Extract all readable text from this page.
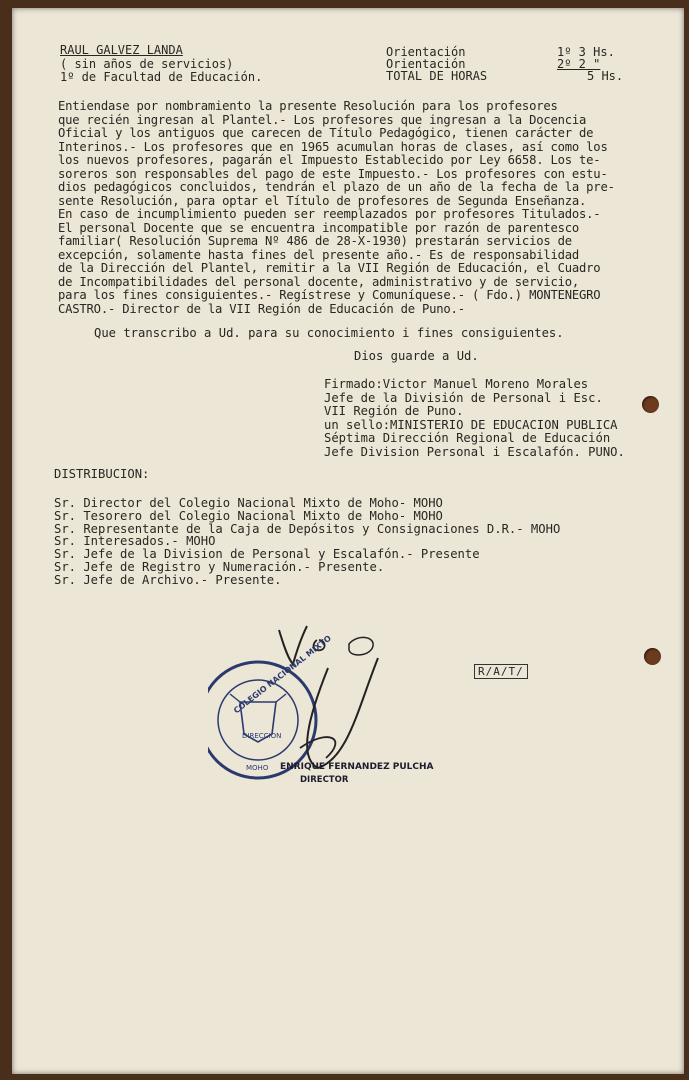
RAUL GALVEZ LANDA
( sin años de servicios)
1º de Facultad de Educación.
Orientación
Orientación
TOTAL DE HORAS
1º 3 Hs.
2º 2 "
5 Hs.
Entiendase por nombramiento la presente Resolución para los profesores
que recién ingresan al Plantel.- Los profesores que ingresan a la Docencia
Oficial y los antiguos que carecen de Título Pedagógico, tienen carácter de
Interinos.- Los profesores que en 1965 acumulan horas de clases, así como los
los nuevos profesores, pagarán el Impuesto Establecido por Ley 6658. Los te-
soreros son responsables del pago de este Impuesto.- Los profesores con estu-
dios pedagógicos concluidos, tendrán el plazo de un año de la fecha de la pre-
sente Resolución, para optar el Título de profesores de Segunda Enseñanza.
En caso de incumplimiento pueden ser reemplazados por profesores Titulados.-
El personal Docente que se encuentra incompatible por razón de parentesco
familiar( Resolución Suprema Nº 486 de 28-X-1930) prestarán servicios de
excepción, solamente hasta fines del presente año.- Es de responsabilidad
de la Dirección del Plantel, remitir a la VII Región de Educación, el Cuadro
de Incompatibilidades del personal docente, administrativo y de servicio,
para los fines consiguientes.- Regístrese y Comuníquese.- ( Fdo.) MONTENEGRO
CASTRO.- Director de la VII Región de Educación de Puno.-
Que transcribo a Ud. para su conocimiento i fines consiguientes.
Dios guarde a Ud.
Firmado:Victor Manuel Moreno Morales
Jefe de la División de Personal i Esc.
VII Región de Puno.
un sello:MINISTERIO DE EDUCACION PUBLICA
Séptima Dirección Regional de Educación
Jefe Division Personal i Escalafón. PUNO.
DISTRIBUCION:
Sr. Director del Colegio Nacional Mixto de Moho- MOHO
Sr. Tesorero del Colegio Nacional Mixto de Moho- MOHO
Sr. Representante de la Caja de Depósitos y Consignaciones D.R.- MOHO
Sr. Interesados.- MOHO
Sr. Jefe de la Division de Personal y Escalafón.- Presente
Sr. Jefe de Registro y Numeración.- Presente.
Sr. Jefe de Archivo.- Presente.
COLEGIO NACIONAL MIXTO
DIRECCION
MOHO ENRIQUE FERNANDEZ PULCHA
DIRECTOR
R/A/T/
